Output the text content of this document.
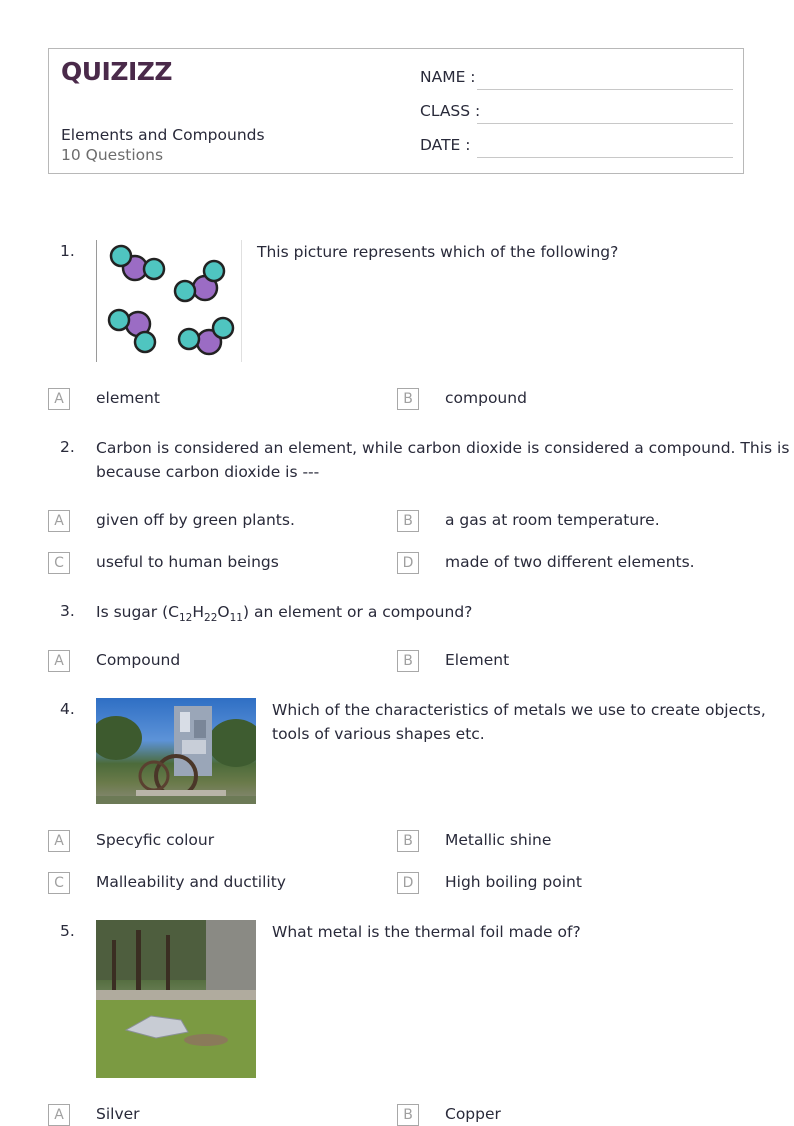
QUIZIZZ
Elements and Compounds
10 Questions
NAME :
CLASS :
DATE :
1.	This picture represents which of the following?
A	element	B	compound
2. Carbon is considered an element, while carbon dioxide is considered a compound. This is
because carbon dioxide is ---
A	given off by green plants.	B	a gas at room temperature.
C	useful to human beings	D	made of two different elements.
3. Is sugar $(C_{12}H_{22}O_{11})$ an element or a compound?
A	Compound	B	Element
4.	Which of the characteristics of metals we use to create objects,
tools of various shapes etc.
A	Specyfic colour	B	Metallic shine
C	Malleability and ductility	D	High boiling point
5.	What metal is the thermal foil made of?
A	Silver	B	Copper
